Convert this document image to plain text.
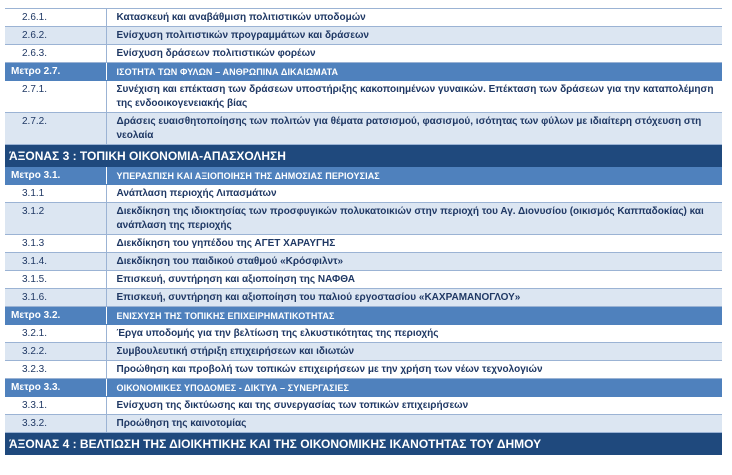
2.6.1.	Κατασκευή και αναβάθμιση πολιτιστικών υποδομών
2.6.2.	Ενίσχυση πολιτιστικών προγραμμάτων και δράσεων
2.6.3.	Ενίσχυση δράσεων πολιτιστικών φορέων
Μετρο 2.7.	ΙΣΟΤΗΤΑ ΤΩΝ ΦΥΛΩΝ – ΑΝΘΡΩΠΙΝΑ ΔΙΚΑΙΩΜΑΤΑ
2.7.1.	Συνέχιση και επέκταση των δράσεων υποστήριξης κακοποιημένων γυναικών. Επέκταση των δράσεων για την καταπολέμηση της ενδοοικογενειακής βίας
2.7.2.	Δράσεις ευαισθητοποίησης των πολιτών για θέματα ρατσισμού, φασισμού, ισότητας των φύλων με ιδιαίτερη στόχευση στη νεολαία
ΆΞΟΝΑΣ 3 : ΤΟΠΙΚΗ ΟΙΚΟΝΟΜΙΑ-ΑΠΑΣΧΟΛΗΣΗ	
Μετρο 3.1.	ΥΠΕΡΑΣΠΙΣΗ ΚΑΙ ΑΞΙΟΠΟΙΗΣΗ ΤΗΣ ΔΗΜΟΣΙΑΣ ΠΕΡΙΟΥΣΙΑΣ
3.1.1	Ανάπλαση περιοχής Λιπασμάτων
3.1.2	Διεκδίκηση της ιδιοκτησίας των προσφυγικών πολυκατοικιών στην περιοχή του Αγ. Διονυσίου (οικισμός Καππαδοκίας) και ανάπλαση της περιοχής
3.1.3	Διεκδίκηση του γηπέδου της ΑΓΕΤ ΧΑΡΑΥΓΗΣ
3.1.4.	Διεκδίκηση του παιδικού σταθμού «Κρόσφιλντ»
3.1.5.	Επισκευή, συντήρηση και αξιοποίηση της ΝΑΦΘΑ
3.1.6.	Επισκευή, συντήρηση και αξιοποίηση του παλιού εργοστασίου «ΚΑΧΡΑΜΑΝΟΓΛΟΥ»
Μετρο 3.2.	ΕΝΙΣΧΥΣΗ ΤΗΣ ΤΟΠΙΚΗΣ ΕΠΙΧΕΙΡΗΜΑΤΙΚΟΤΗΤΑΣ
3.2.1.	Έργα υποδομής για την βελτίωση της ελκυστικότητας της περιοχής
3.2.2.	Συμβουλευτική στήριξη επιχειρήσεων και ιδιωτών
3.2.3.	Προώθηση και προβολή των τοπικών επιχειρήσεων με την χρήση των νέων τεχνολογιών
Μετρο 3.3.	ΟΙΚΟΝΟΜΙΚΕΣ ΥΠΟΔΟΜΕΣ - ΔΙΚΤΥΑ – ΣΥΝΕΡΓΑΣΙΕΣ
3.3.1.	Ενίσχυση της δικτύωσης και της συνεργασίας των τοπικών επιχειρήσεων
3.3.2.	Προώθηση της καινοτομίας
ΆΞΟΝΑΣ 4 : ΒΕΛΤΙΩΣΗ ΤΗΣ ΔΙΟΙΚΗΤΙΚΗΣ ΚΑΙ ΤΗΣ ΟΙΚΟΝΟΜΙΚΗΣ ΙΚΑΝΟΤΗΤΑΣ ΤΟΥ ΔΗΜΟΥ	
